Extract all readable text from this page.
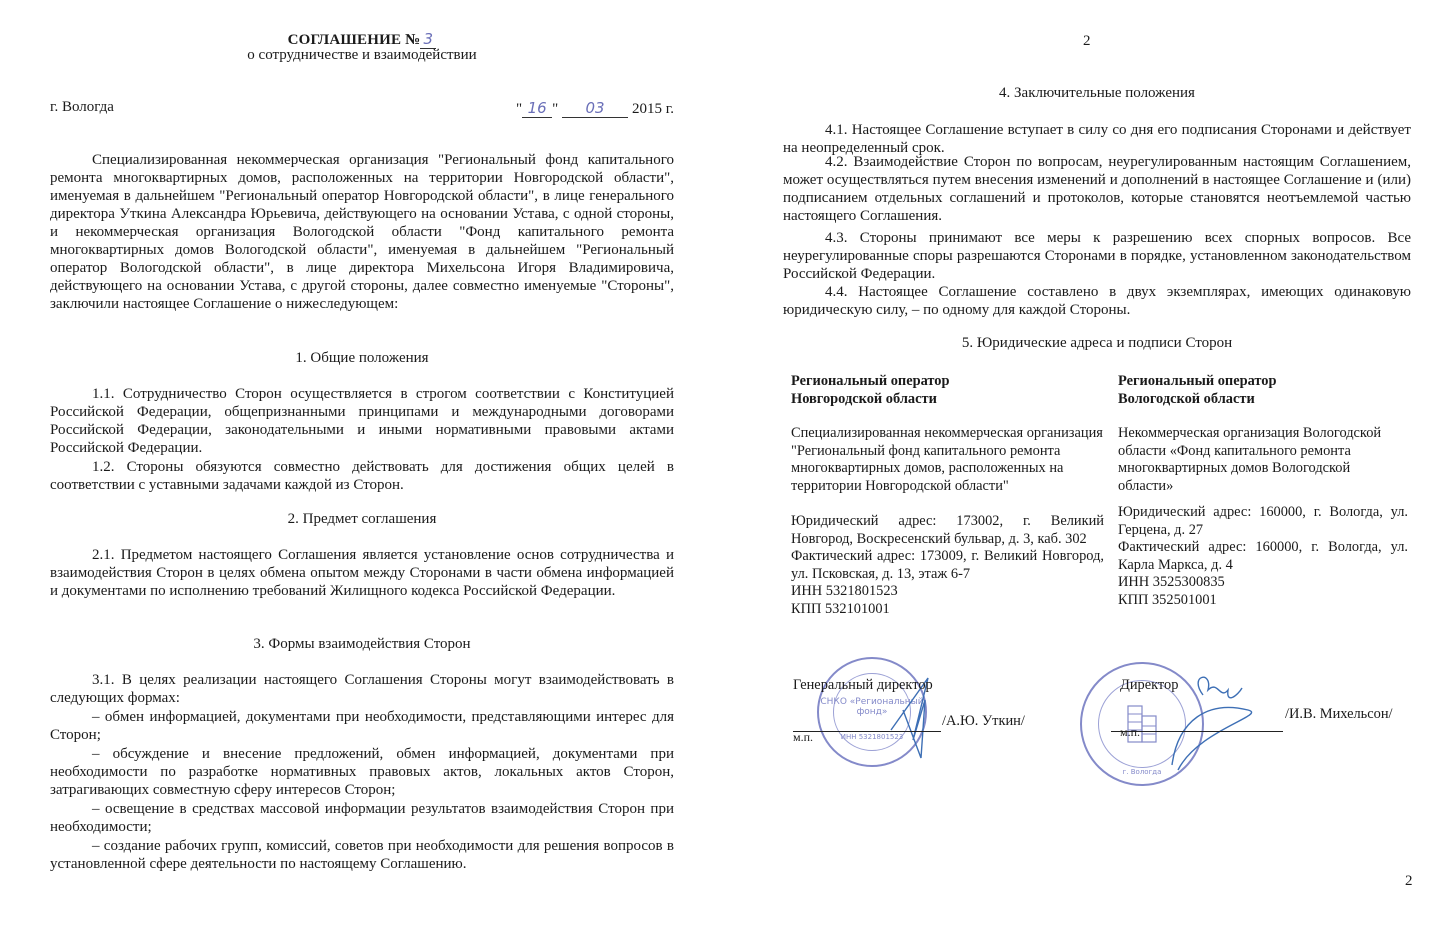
СОГЛАШЕНИЕ № 3
о сотрудничестве и взаимодействии
г. Вологда	" 16 " 03 2015 г.
Специализированная некоммерческая организация "Региональный фонд капитального ремонта многоквартирных домов, расположенных на территории Новгородской области", именуемая в дальнейшем "Региональный оператор Новгородской области", в лице генерального директора Уткина Александра Юрьевича, действующего на основании Устава, с одной стороны, и некоммерческая организация Вологодской области "Фонд капитального ремонта многоквартирных домов Вологодской области", именуемая в дальнейшем "Региональный оператор Вологодской области", в лице директора Михельсона Игоря Владимировича, действующего на основании Устава, с другой стороны, далее совместно именуемые "Стороны", заключили настоящее Соглашение о нижеследующем:
1. Общие положения
1.1. Сотрудничество Сторон осуществляется в строгом соответствии с Конституцией Российской Федерации, общепризнанными принципами и международными договорами Российской Федерации, законодательными и иными нормативными правовыми актами Российской Федерации.
1.2. Стороны обязуются совместно действовать для достижения общих целей в соответствии с уставными задачами каждой из Сторон.
2. Предмет соглашения
2.1. Предметом настоящего Соглашения является установление основ сотрудничества и взаимодействия Сторон в целях обмена опытом между Сторонами в части обмена информацией и документами по исполнению требований Жилищного кодекса Российской Федерации.
3. Формы взаимодействия Сторон
3.1. В целях реализации настоящего Соглашения Стороны могут взаимодействовать в следующих формах:
– обмен информацией, документами при необходимости, представляющими интерес для Сторон;
– обсуждение и внесение предложений, обмен информацией, документами при необходимости по разработке нормативных правовых актов, локальных актов Сторон, затрагивающих совместную сферу интересов Сторон;
– освещение в средствах массовой информации результатов взаимодействия Сторон при необходимости;
– создание рабочих групп, комиссий, советов при необходимости для решения вопросов в установленной сфере деятельности по настоящему Соглашению.
2
4. Заключительные положения
4.1. Настоящее Соглашение вступает в силу со дня его подписания Сторонами и действует на неопределенный срок.
4.2. Взаимодействие Сторон по вопросам, неурегулированным настоящим Соглашением, может осуществляться путем внесения изменений и дополнений в настоящее Соглашение и (или) подписанием отдельных соглашений и протоколов, которые становятся неотъемлемой частью настоящего Соглашения.
4.3. Стороны принимают все меры к разрешению всех спорных вопросов. Все неурегулированные споры разрешаются Сторонами в порядке, установленном законодательством Российской Федерации.
4.4. Настоящее Соглашение составлено в двух экземплярах, имеющих одинаковую юридическую силу, – по одному для каждой Стороны.
5. Юридические адреса и подписи Сторон
Региональный оператор
Новгородской области
Специализированная некоммерческая организация "Региональный фонд капитального ремонта многоквартирных домов, расположенных на территории Новгородской области"
Юридический адрес: 173002, г. Великий Новгород, Воскресенский бульвар, д. 3, каб. 302
Фактический адрес: 173009, г. Великий Новгород, ул. Псковская, д. 13, этаж 6-7
ИНН 5321801523
КПП 532101001
Региональный оператор
Вологодской области
Некоммерческая организация Вологодской области «Фонд капитального ремонта многоквартирных домов Вологодской области»
Юридический адрес: 160000, г. Вологда, ул. Герцена, д. 27
Фактический адрес: 160000, г. Вологда, ул. Карла Маркса, д. 4
ИНН 3525300835
КПП 352501001
СНКО «Региональный фонд»
ИНН 5321801523
Генеральный директор
/А.Ю. Уткин/
м.п.
г. Вологда
Директор
/И.В. Михельсон/
м.п.
2
